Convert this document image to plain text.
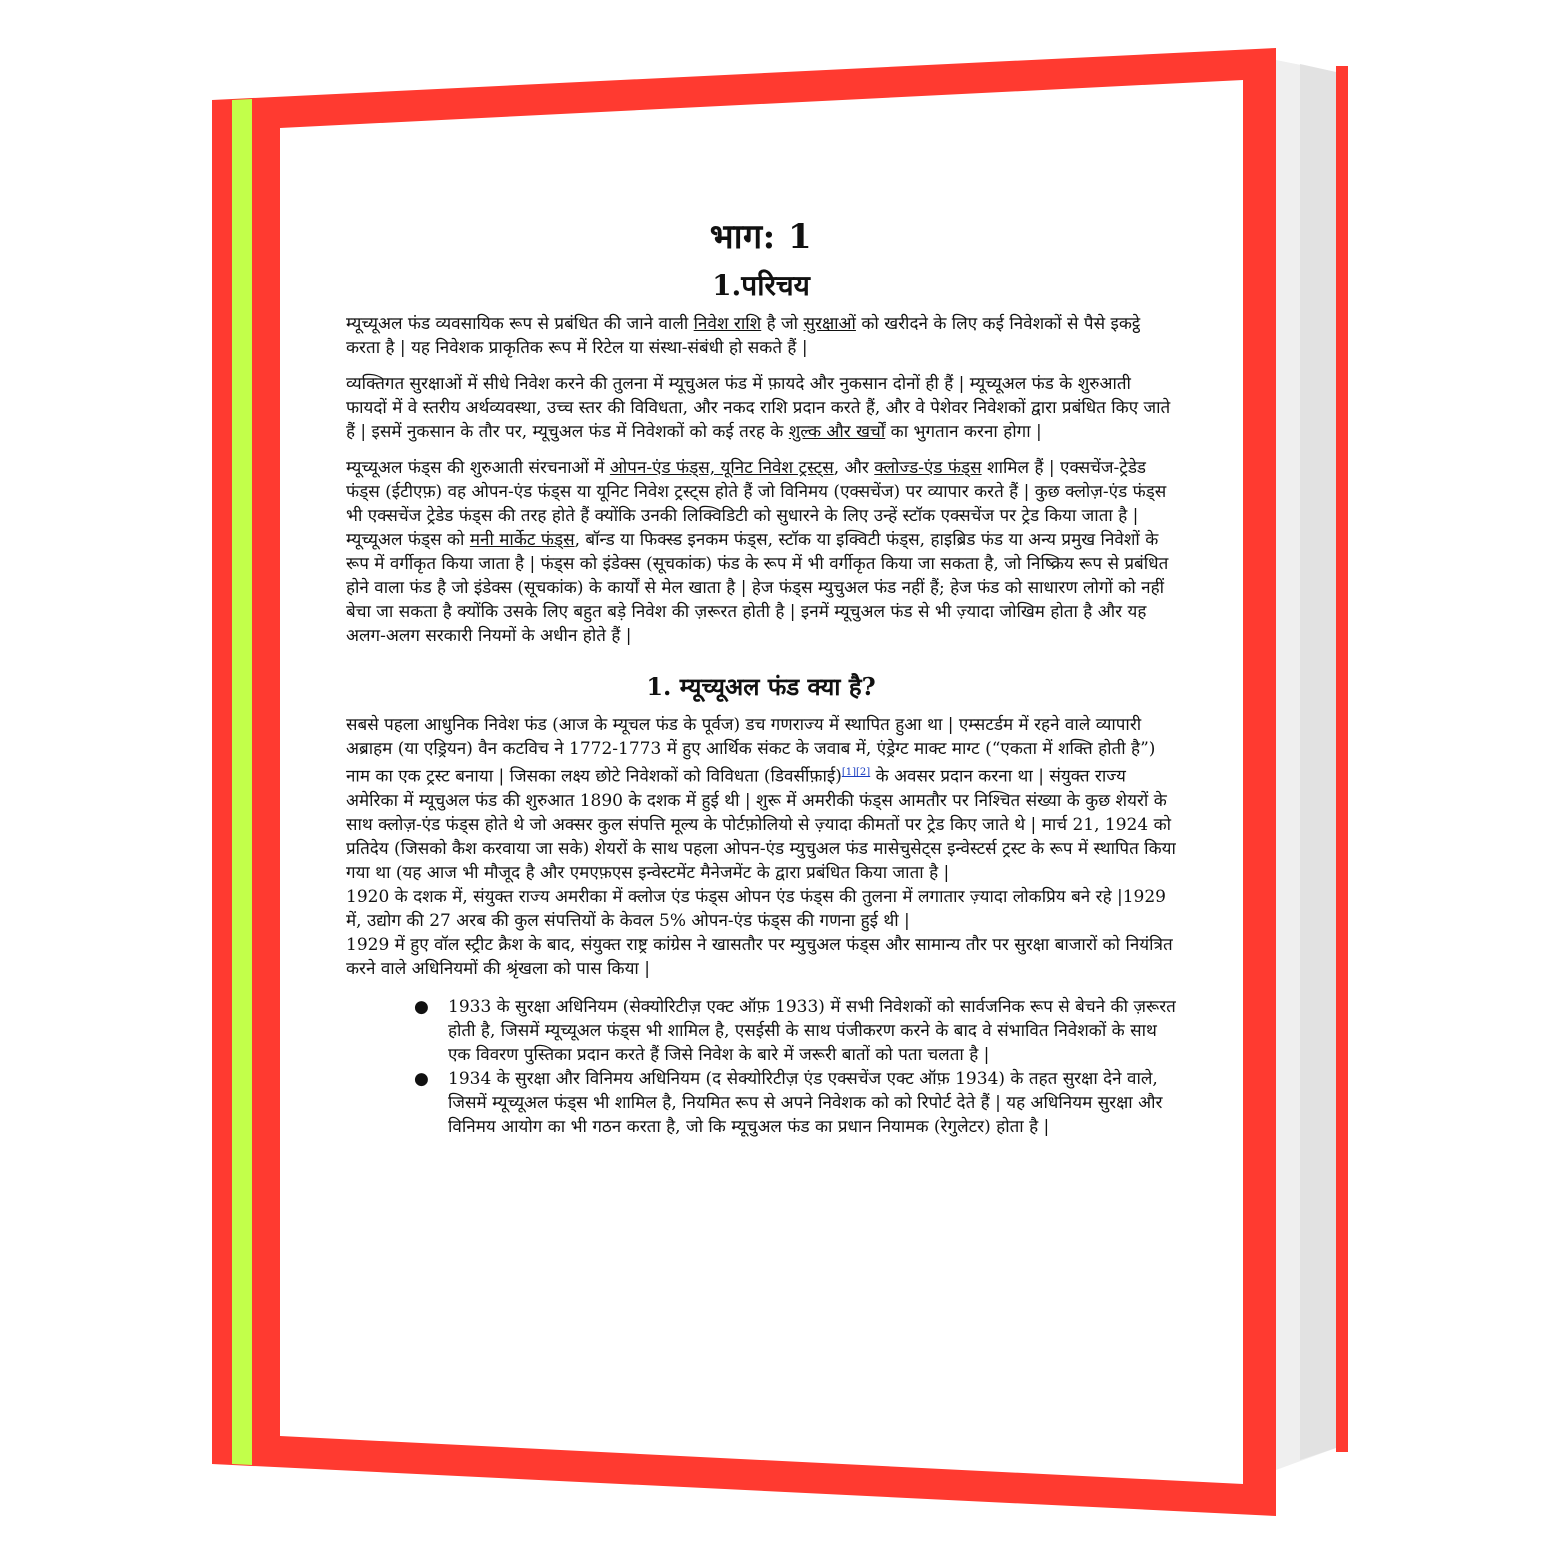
भाग: 1
1.परिचय

म्यूच्यूअल फंड व्यवसायिक रूप से प्रबंधित की जाने वाली निवेश राशि है जो सुरक्षाओं को खरीदने के लिए कई निवेशकों से पैसे इकट्ठे करता है | यह निवेशक प्राकृतिक रूप में रिटेल या संस्था-संबंधी हो सकते हैं |

व्यक्तिगत सुरक्षाओं में सीधे निवेश करने की तुलना में म्यूचुअल फंड में फ़ायदे और नुकसान दोनों ही हैं | म्यूच्यूअल फंड के शुरुआती फायदों में वे स्तरीय अर्थव्यवस्था, उच्च स्तर की विविधता, और नकद राशि प्रदान करते हैं, और वे पेशेवर निवेशकों द्वारा प्रबंधित किए जाते हैं | इसमें नुकसान के तौर पर, म्यूचुअल फंड में निवेशकों को कई तरह के शुल्क और खर्चों का भुगतान करना होगा |

म्यूच्यूअल फंड्स की शुरुआती संरचनाओं में ओपन-एंड फंड्स, यूनिट निवेश ट्रस्ट्स, और क्लोज्ड-एंड फंड्स शामिल हैं | एक्सचेंज-ट्रेडेड फंड्स (ईटीएफ़) वह ओपन-एंड फंड्स या यूनिट निवेश ट्रस्ट्स होते हैं जो विनिमय (एक्सचेंज) पर व्यापार करते हैं | कुछ क्लोज़-एंड फंड्स भी एक्सचेंज ट्रेडेड फंड्स की तरह होते हैं क्योंकि उनकी लिक्विडिटी को सुधारने के लिए उन्हें स्टॉक एक्सचेंज पर ट्रेड किया जाता है | म्यूच्यूअल फंड्स को मनी मार्केट फंड्स, बॉन्ड या फिक्स्ड इनकम फंड्स, स्टॉक या इक्विटी फंड्स, हाइब्रिड फंड या अन्य प्रमुख निवेशों के रूप में वर्गीकृत किया जाता है | फंड्स को इंडेक्स (सूचकांक) फंड के रूप में भी वर्गीकृत किया जा सकता है, जो निष्क्रिय रूप से प्रबंधित होने वाला फंड है जो इंडेक्स (सूचकांक) के कार्यों से मेल खाता है | हेज फंड्स म्युचुअल फंड नहीं हैं; हेज फंड को साधारण लोगों को नहीं बेचा जा सकता है क्योंकि उसके लिए बहुत बड़े निवेश की ज़रूरत होती है | इनमें म्यूचुअल फंड से भी ज़्यादा जोखिम होता है और यह अलग-अलग सरकारी नियमों के अधीन होते हैं |

1. म्यूच्यूअल फंड क्या है?

सबसे पहला आधुनिक निवेश फंड (आज के म्यूचल फंड के पूर्वज) डच गणराज्य में स्थापित हुआ था | एम्सटर्डम में रहने वाले व्यापारी अब्राहम (या एड्रियन) वैन कटविच ने 1772-1773 में हुए आर्थिक संकट के जवाब में, एंड्रेग्ट माक्ट माग्ट (“एकता में शक्ति होती है”) नाम का एक ट्रस्ट बनाया | जिसका लक्ष्य छोटे निवेशकों को विविधता (डिवर्सीफ़ाई)[1][2] के अवसर प्रदान करना था | संयुक्त राज्य अमेरिका में म्यूचुअल फंड की शुरुआत 1890 के दशक में हुई थी | शुरू में अमरीकी फंड्स आमतौर पर निश्चित संख्या के कुछ शेयरों के साथ क्लोज़-एंड फंड्स होते थे जो अक्सर कुल संपत्ति मूल्य के पोर्टफ़ोलियो से ज़्यादा कीमतों पर ट्रेड किए जाते थे | मार्च 21, 1924 को प्रतिदेय (जिसको कैश करवाया जा सके) शेयरों के साथ पहला ओपन-एंड म्युचुअल फंड मासेचुसेट्स इन्वेस्टर्स ट्रस्ट के रूप में स्थापित किया गया था (यह आज भी मौजूद है और एमएफ़एस इन्वेस्टमेंट मैनेजमेंट के द्वारा प्रबंधित किया जाता है |

1920 के दशक में, संयुक्त राज्य अमरीका में क्लोज एंड फंड्स ओपन एंड फंड्स की तुलना में लगातार ज़्यादा लोकप्रिय बने रहे |1929 में, उद्योग की 27 अरब की कुल संपत्तियों के केवल 5% ओपन-एंड फंड्स की गणना हुई थी |

1929 में हुए वॉल स्ट्रीट क्रैश के बाद, संयुक्त राष्ट्र कांग्रेस ने खासतौर पर म्युचुअल फंड्स और सामान्य तौर पर सुरक्षा बाजारों को नियंत्रित करने वाले अधिनियमों की श्रृंखला को पास किया |

● 1933 के सुरक्षा अधिनियम (सेक्योरिटीज़ एक्ट ऑफ़ 1933) में सभी निवेशकों को सार्वजनिक रूप से बेचने की ज़रूरत होती है, जिसमें म्यूच्यूअल फंड्स भी शामिल है, एसईसी के साथ पंजीकरण करने के बाद वे संभावित निवेशकों के साथ एक विवरण पुस्तिका प्रदान करते हैं जिसे निवेश के बारे में जरूरी बातों को पता चलता है |
● 1934 के सुरक्षा और विनिमय अधिनियम (द सेक्योरिटीज़ एंड एक्सचेंज एक्ट ऑफ़ 1934) के तहत सुरक्षा देने वाले, जिसमें म्यूच्यूअल फंड्स भी शामिल है, नियमित रूप से अपने निवेशक को को रिपोर्ट देते हैं | यह अधिनियम सुरक्षा और विनिमय आयोग का भी गठन करता है, जो कि म्यूचुअल फंड का प्रधान नियामक (रेगुलेटर) होता है |
